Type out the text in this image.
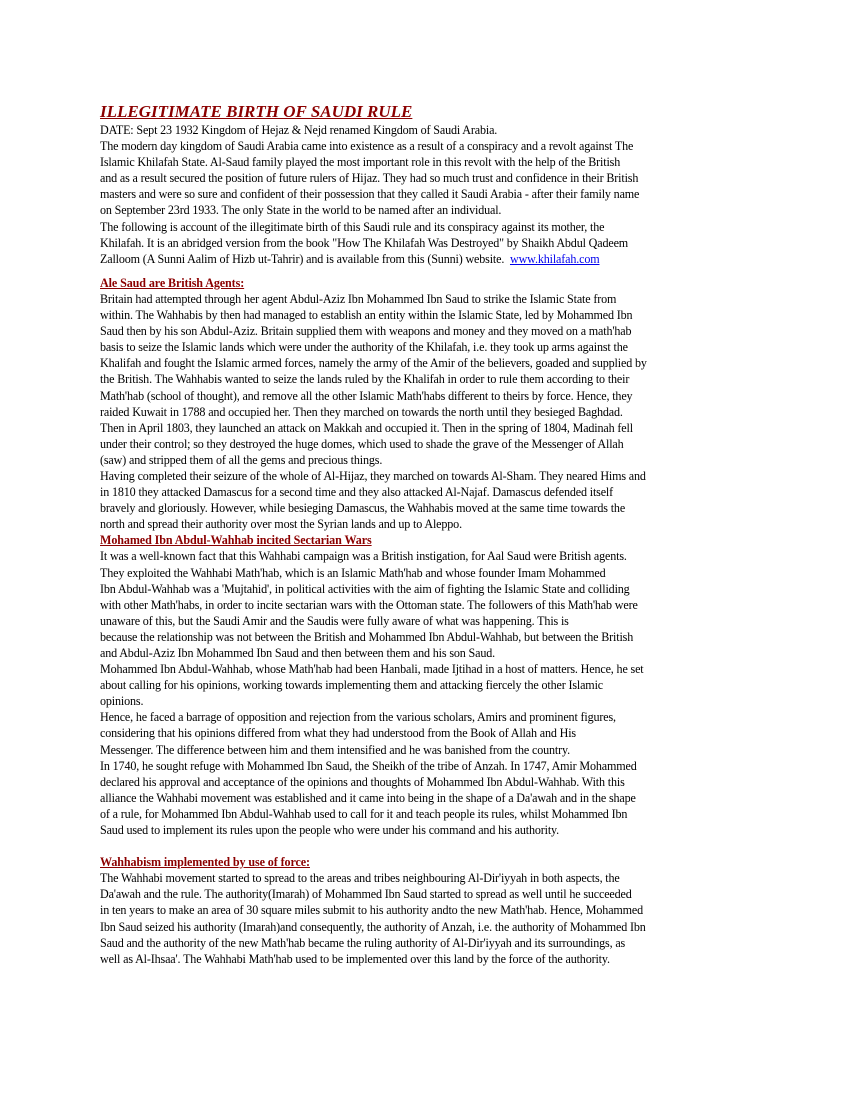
ILLEGITIMATE BIRTH OF SAUDI RULE
DATE: Sept 23 1932 Kingdom of Hejaz & Nejd renamed Kingdom of Saudi Arabia.
The modern day kingdom of Saudi Arabia came into existence as a result of a conspiracy and a revolt against The
Islamic Khilafah State. Al-Saud family played the most important role in this revolt with the help of the British
and as a result secured the position of future rulers of Hijaz. They had so much trust and confidence in their British
masters and were so sure and confident of their possession that they called it Saudi Arabia - after their family name
on September 23rd 1933. The only State in the world to be named after an individual.
The following is account of the illegitimate birth of this Saudi rule and its conspiracy against its mother, the
Khilafah. It is an abridged version from the book "How The Khilafah Was Destroyed" by Shaikh Abdul Qadeem
Zalloom (A Sunni Aalim of Hizb ut-Tahrir) and is available from this (Sunni) website. www.khilafah.com

Ale Saud are British Agents:

Britain had attempted through her agent Abdul-Aziz Ibn Mohammed Ibn Saud to strike the Islamic State from
within. The Wahhabis by then had managed to establish an entity within the Islamic State, led by Mohammed Ibn
Saud then by his son Abdul-Aziz. Britain supplied them with weapons and money and they moved on a math'hab
basis to seize the Islamic lands which were under the authority of the Khilafah, i.e. they took up arms against the
Khalifah and fought the Islamic armed forces, namely the army of the Amir of the believers, goaded and supplied by
the British. The Wahhabis wanted to seize the lands ruled by the Khalifah in order to rule them according to their
Math'hab (school of thought), and remove all the other Islamic Math'habs different to theirs by force. Hence, they
raided Kuwait in 1788 and occupied her. Then they marched on towards the north until they besieged Baghdad.
Then in April 1803, they launched an attack on Makkah and occupied it. Then in the spring of 1804, Madinah fell
under their control; so they destroyed the huge domes, which used to shade the grave of the Messenger of Allah
(saw) and stripped them of all the gems and precious things.
Having completed their seizure of the whole of Al-Hijaz, they marched on towards Al-Sham. They neared Hims and
in 1810 they attacked Damascus for a second time and they also attacked Al-Najaf. Damascus defended itself
bravely and gloriously. However, while besieging Damascus, the Wahhabis moved at the same time towards the
north and spread their authority over most the Syrian lands and up to Aleppo.

Mohamed Ibn Abdul-Wahhab incited Sectarian Wars

It was a well-known fact that this Wahhabi campaign was a British instigation, for Aal Saud were British agents.
They exploited the Wahhabi Math'hab, which is an Islamic Math'hab and whose founder Imam Mohammed
Ibn Abdul-Wahhab was a 'Mujtahid', in political activities with the aim of fighting the Islamic State and colliding
with other Math'habs, in order to incite sectarian wars with the Ottoman state. The followers of this Math'hab were
unaware of this, but the Saudi Amir and the Saudis were fully aware of what was happening. This is
because the relationship was not between the British and Mohammed Ibn Abdul-Wahhab, but between the British
and Abdul-Aziz Ibn Mohammed Ibn Saud and then between them and his son Saud.
Mohammed Ibn Abdul-Wahhab, whose Math'hab had been Hanbali, made Ijtihad in a host of matters. Hence, he set
about calling for his opinions, working towards implementing them and attacking fiercely the other Islamic
opinions.
Hence, he faced a barrage of opposition and rejection from the various scholars, Amirs and prominent figures,
considering that his opinions differed from what they had understood from the Book of Allah and His
Messenger. The difference between him and them intensified and he was banished from the country.
In 1740, he sought refuge with Mohammed Ibn Saud, the Sheikh of the tribe of Anzah. In 1747, Amir Mohammed
declared his approval and acceptance of the opinions and thoughts of Mohammed Ibn Abdul-Wahhab. With this
alliance the Wahhabi movement was established and it came into being in the shape of a Da'awah and in the shape
of a rule, for Mohammed Ibn Abdul-Wahhab used to call for it and teach people its rules, whilst Mohammed Ibn
Saud used to implement its rules upon the people who were under his command and his authority.

Wahhabism implemented by use of force:

The Wahhabi movement started to spread to the areas and tribes neighbouring Al-Dir'iyyah in both aspects, the
Da'awah and the rule. The authority(Imarah) of Mohammed Ibn Saud started to spread as well until he succeeded
in ten years to make an area of 30 square miles submit to his authority andto the new Math'hab. Hence, Mohammed
Ibn Saud seized his authority (Imarah)and consequently, the authority of Anzah, i.e. the authority of Mohammed Ibn
Saud and the authority of the new Math'hab became the ruling authority of Al-Dir'iyyah and its surroundings, as
well as Al-Ihsaa'. The Wahhabi Math'hab used to be implemented over this land by the force of the authority.
